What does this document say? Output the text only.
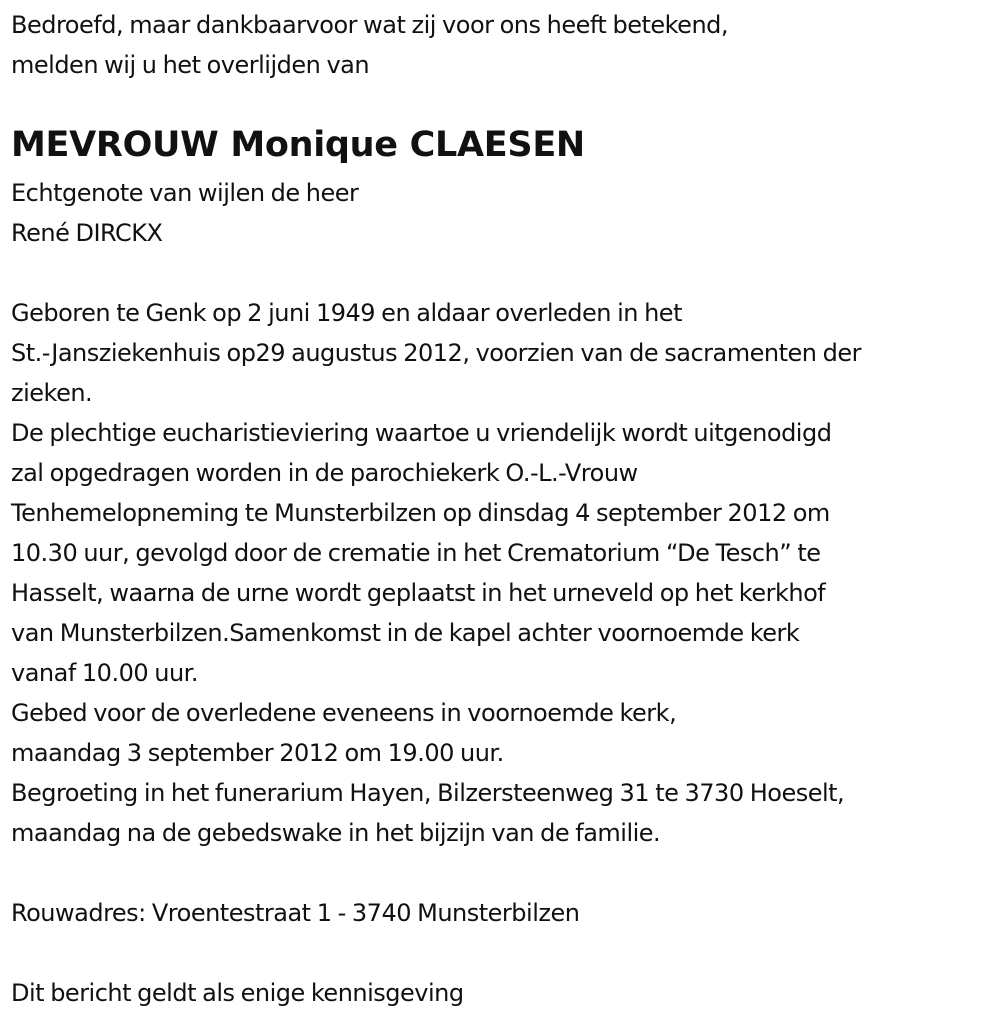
Bedroefd, maar dankbaarvoor wat zij voor ons heeft betekend,
melden wij u het overlijden van
MEVROUW Monique CLAESEN
Echtgenote van wijlen de heer
René DIRCKX
Geboren te Genk op 2 juni 1949 en aldaar overleden in het
St.-Jansziekenhuis op29 augustus 2012, voorzien van de sacramenten der
zieken.
De plechtige eucharistieviering waartoe u vriendelijk wordt uitgenodigd
zal opgedragen worden in de parochiekerk O.-L.-Vrouw
Tenhemelopneming te Munsterbilzen op dinsdag 4 september 2012 om
10.30 uur, gevolgd door de crematie in het Crematorium “De Tesch” te
Hasselt, waarna de urne wordt geplaatst in het urneveld op het kerkhof
van Munsterbilzen.Samenkomst in de kapel achter voornoemde kerk
vanaf 10.00 uur.
Gebed voor de overledene eveneens in voornoemde kerk,
maandag 3 september 2012 om 19.00 uur.
Begroeting in het funerarium Hayen, Bilzersteenweg 31 te 3730 Hoeselt,
maandag na de gebedswake in het bijzijn van de familie.
Rouwadres: Vroentestraat 1 - 3740 Munsterbilzen
Dit bericht geldt als enige kennisgeving
